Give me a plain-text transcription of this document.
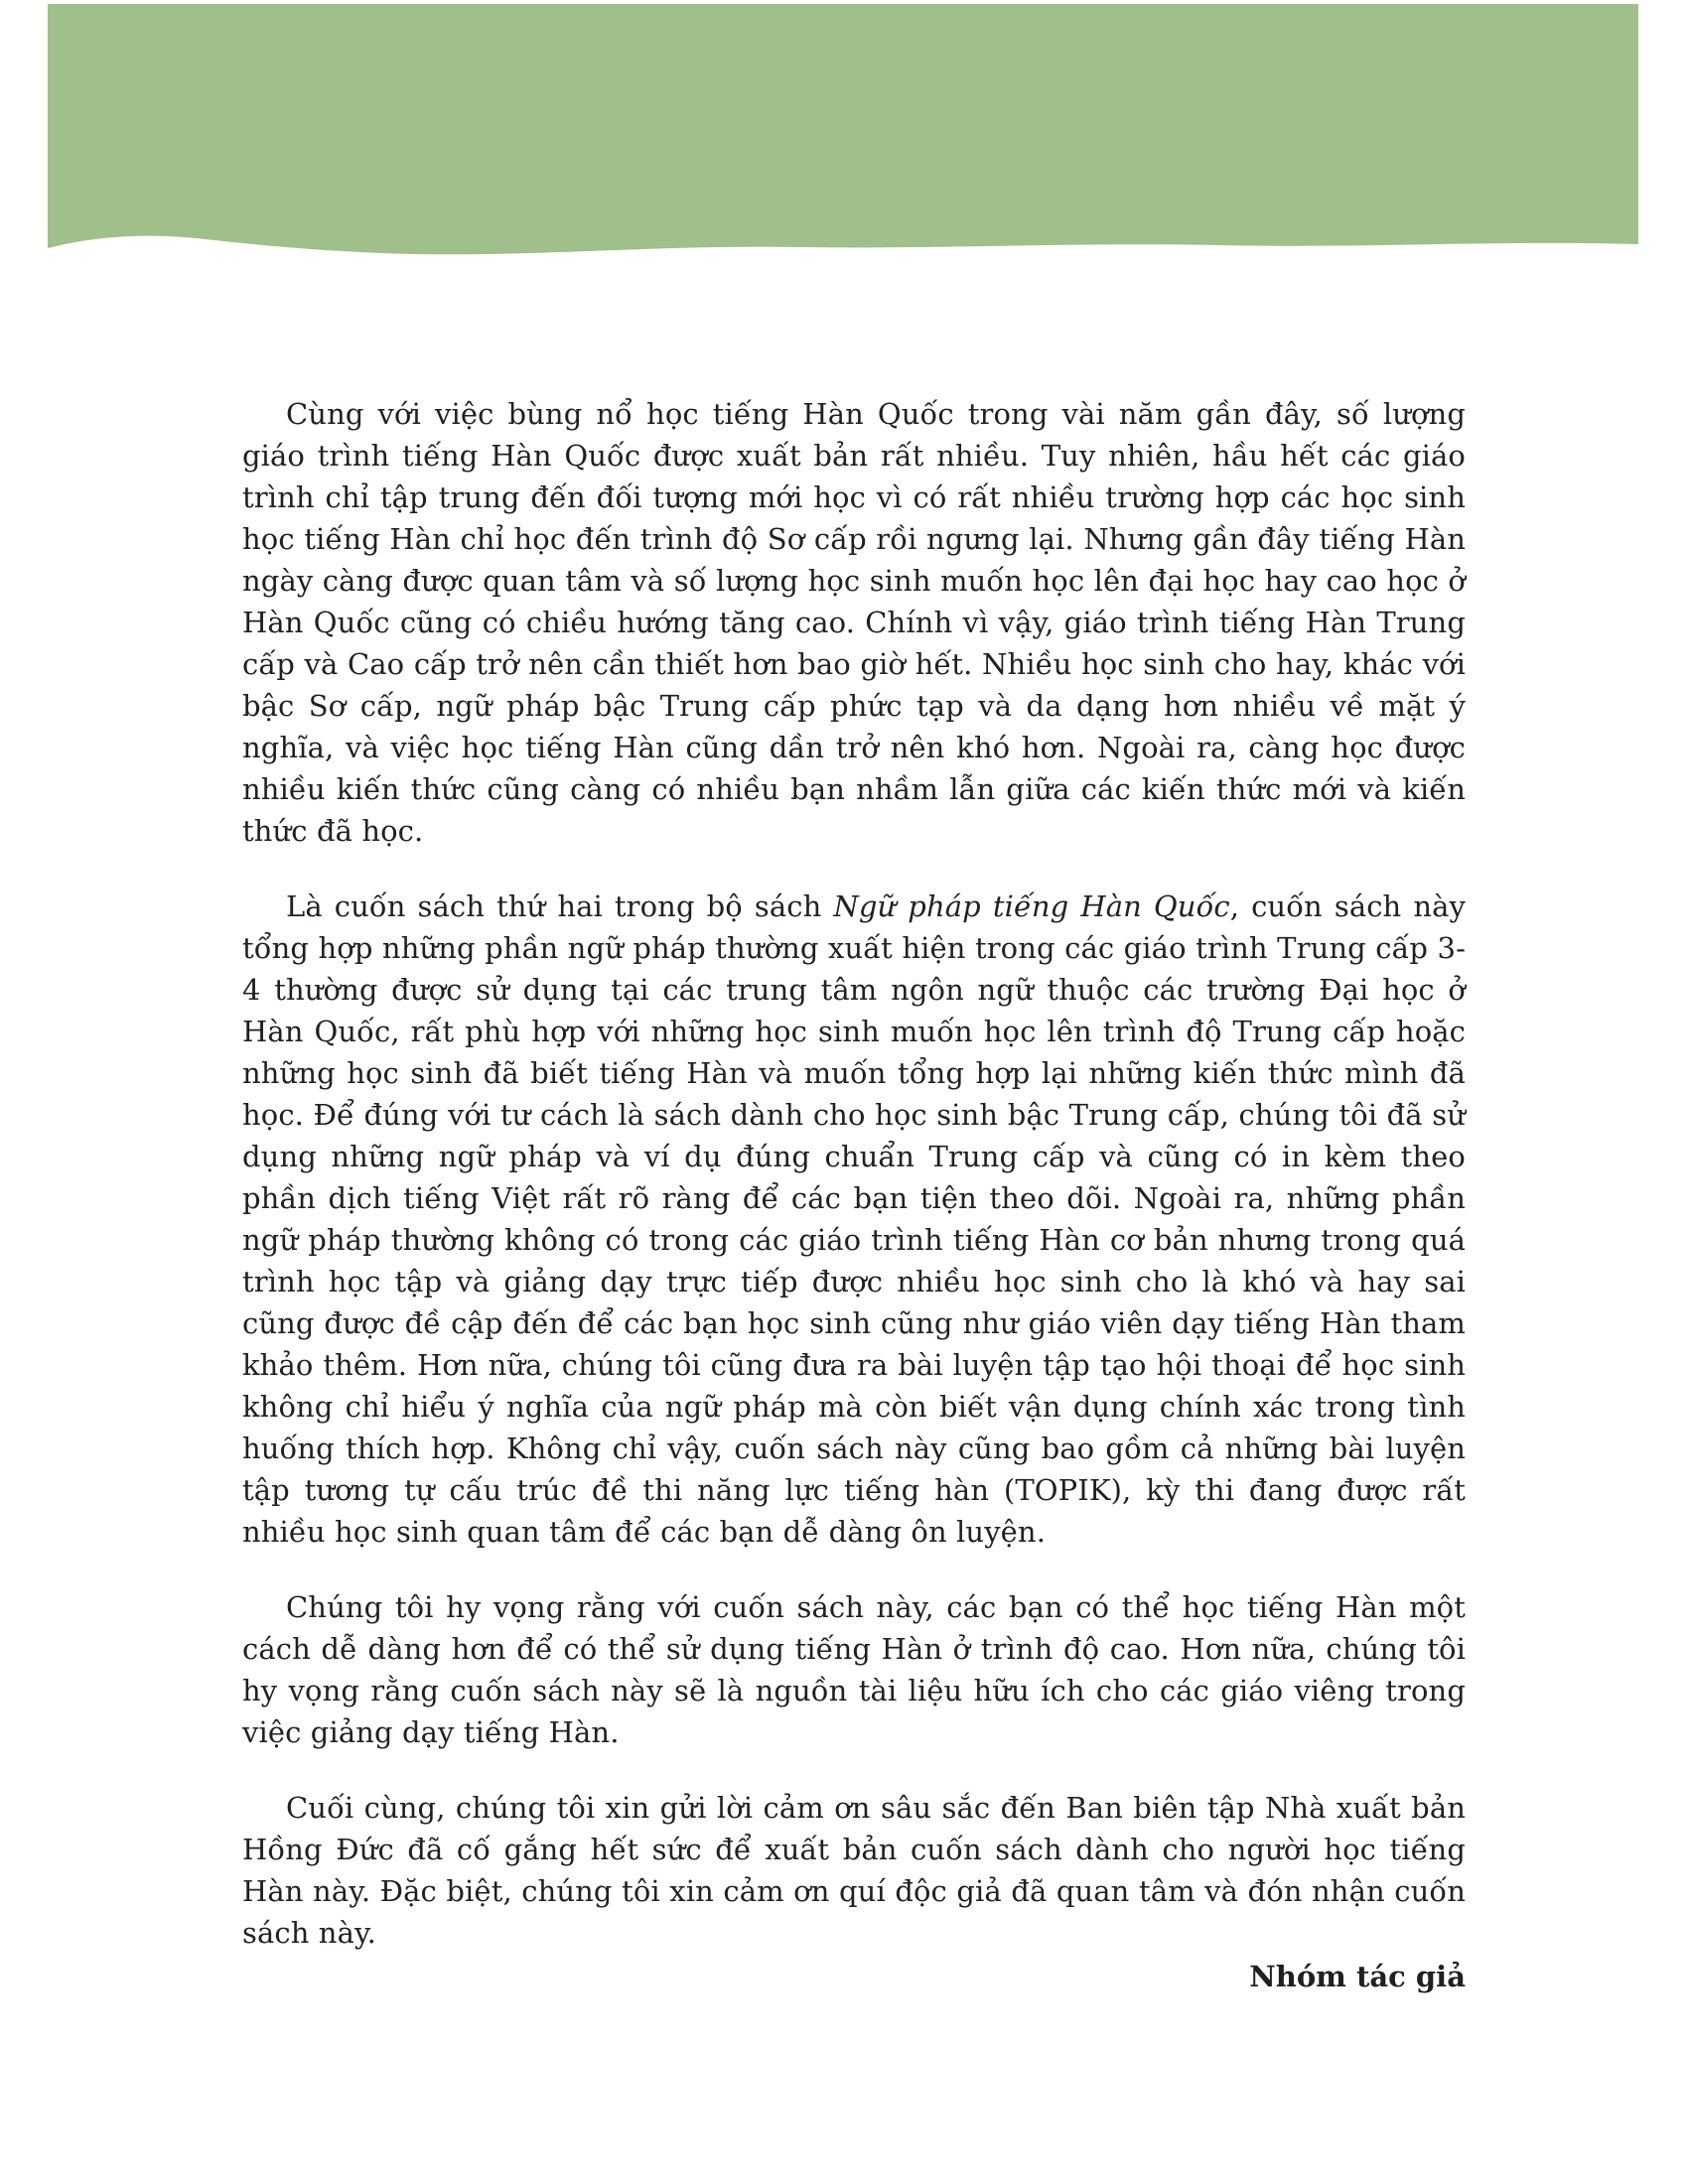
Cùng với việc bùng nổ học tiếng Hàn Quốc trong vài năm gần đây, số lượng giáo trình tiếng Hàn Quốc được xuất bản rất nhiều. Tuy nhiên, hầu hết các giáo trình chỉ tập trung đến đối tượng mới học vì có rất nhiều trường hợp các học sinh học tiếng Hàn chỉ học đến trình độ Sơ cấp rồi ngưng lại. Nhưng gần đây tiếng Hàn ngày càng được quan tâm và số lượng học sinh muốn học lên đại học hay cao học ở Hàn Quốc cũng có chiều hướng tăng cao. Chính vì vậy, giáo trình tiếng Hàn Trung cấp và Cao cấp trở nên cần thiết hơn bao giờ hết. Nhiều học sinh cho hay, khác với bậc Sơ cấp, ngữ pháp bậc Trung cấp phức tạp và da dạng hơn nhiều về mặt ý nghĩa, và việc học tiếng Hàn cũng dần trở nên khó hơn. Ngoài ra, càng học được nhiều kiến thức cũng càng có nhiều bạn nhầm lẫn giữa các kiến thức mới và kiến thức đã học.

Là cuốn sách thứ hai trong bộ sách Ngữ pháp tiếng Hàn Quốc, cuốn sách này tổng hợp những phần ngữ pháp thường xuất hiện trong các giáo trình Trung cấp 3-4 thường được sử dụng tại các trung tâm ngôn ngữ thuộc các trường Đại học ở Hàn Quốc, rất phù hợp với những học sinh muốn học lên trình độ Trung cấp hoặc những học sinh đã biết tiếng Hàn và muốn tổng hợp lại những kiến thức mình đã học. Để đúng với tư cách là sách dành cho học sinh bậc Trung cấp, chúng tôi đã sử dụng những ngữ pháp và ví dụ đúng chuẩn Trung cấp và cũng có in kèm theo phần dịch tiếng Việt rất rõ ràng để các bạn tiện theo dõi. Ngoài ra, những phần ngữ pháp thường không có trong các giáo trình tiếng Hàn cơ bản nhưng trong quá trình học tập và giảng dạy trực tiếp được nhiều học sinh cho là khó và hay sai cũng được đề cập đến để các bạn học sinh cũng như giáo viên dạy tiếng Hàn tham khảo thêm. Hơn nữa, chúng tôi cũng đưa ra bài luyện tập tạo hội thoại để học sinh không chỉ hiểu ý nghĩa của ngữ pháp mà còn biết vận dụng chính xác trong tình huống thích hợp. Không chỉ vậy, cuốn sách này cũng bao gồm cả những bài luyện tập tương tự cấu trúc đề thi năng lực tiếng hàn (TOPIK), kỳ thi đang được rất nhiều học sinh quan tâm để các bạn dễ dàng ôn luyện.

Chúng tôi hy vọng rằng với cuốn sách này, các bạn có thể học tiếng Hàn một cách dễ dàng hơn để có thể sử dụng tiếng Hàn ở trình độ cao. Hơn nữa, chúng tôi hy vọng rằng cuốn sách này sẽ là nguồn tài liệu hữu ích cho các giáo viêng trong việc giảng dạy tiếng Hàn.

Cuối cùng, chúng tôi xin gửi lời cảm ơn sâu sắc đến Ban biên tập Nhà xuất bản Hồng Đức đã cố gắng hết sức để xuất bản cuốn sách dành cho người học tiếng Hàn này. Đặc biệt, chúng tôi xin cảm ơn quí độc giả đã quan tâm và đón nhận cuốn sách này.

Nhóm tác giả
